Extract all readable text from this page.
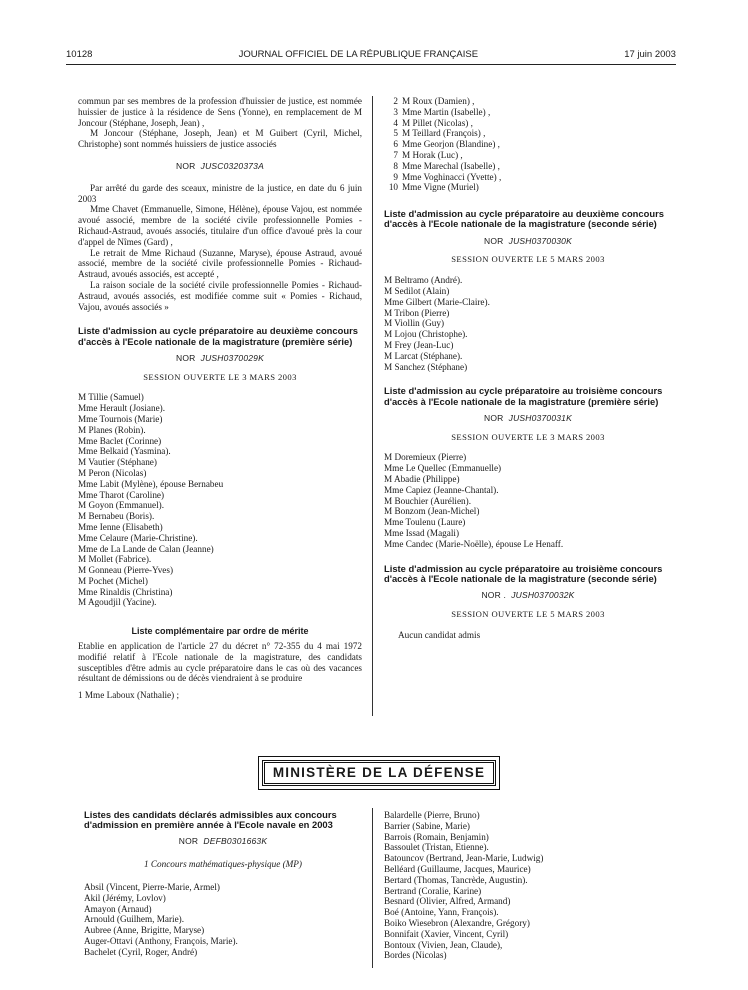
10128	JOURNAL OFFICIEL DE LA RÉPUBLIQUE FRANÇAISE	17 juin 2003

commun par ses membres de la profession d'huissier de justice, est nommée huissier de justice à la résidence de Sens (Yonne), en remplacement de M Joncour (Stéphane, Joseph, Jean) ,

M Joncour (Stéphane, Joseph, Jean) et M Guibert (Cyril, Michel, Christophe) sont nommés huissiers de justice associés

NOR JUSC0320373A

Par arrêté du garde des sceaux, ministre de la justice, en date du 6 juin 2003

Mme Chavet (Emmanuelle, Simone, Hélène), épouse Vajou, est nommée avoué associé, membre de la société civile professionnelle Pomies - Richaud-Astraud, avoués associés, titulaire d'un office d'avoué près la cour d'appel de Nîmes (Gard) ,

Le retrait de Mme Richaud (Suzanne, Maryse), épouse Astraud, avoué associé, membre de la société civile professionnelle Pomies - Richaud-Astraud, avoués associés, est accepté ,

La raison sociale de la société civile professionnelle Pomies - Richaud-Astraud, avoués associés, est modifiée comme suit « Pomies - Richaud, Vajou, avoués associés »

Liste d'admission au cycle préparatoire au deuxième concours d'accès à l'Ecole nationale de la magistrature (première série)
NOR JUSH0370029K
SESSION OUVERTE LE 3 MARS 2003
M Tillie (Samuel)
Mme Herault (Josiane).
Mme Tournois (Marie)
M Planes (Robin).
Mme Baclet (Corinne)
Mme Belkaid (Yasmina).
M Vautier (Stéphane)
M Peron (Nicolas)
Mme Labit (Mylène), épouse Bernabeu
Mme Tharot (Caroline)
M Goyon (Emmanuel).
M Bernabeu (Boris).
Mme Ienne (Elisabeth)
Mme Celaure (Marie-Christine).
Mme de La Lande de Calan (Jeanne)
M Mollet (Fabrice).
M Gonneau (Pierre-Yves)
M Pochet (Michel)
Mme Rinaldis (Christina)
M Agoudjil (Yacine).
Liste complémentaire par ordre de mérite

Etablie en application de l'article 27 du décret n° 72-355 du 4 mai 1972 modifié relatif à l'Ecole nationale de la magistrature, des candidats susceptibles d'être admis au cycle préparatoire dans le cas où des vacances résultant de démissions ou de décès viendraient à se produire

1 Mme Laboux (Nathalie) ;
2 M Roux (Damien) ,
3 Mme Martin (Isabelle) ,
4 M Pillet (Nicolas) ,
5 M Teillard (François) ,
6 Mme Georjon (Blandine) ,
7 M Horak (Luc) ,
8 Mme Marechal (Isabelle) ,
9 Mme Voghinacci (Yvette) ,
10 Mme Vigne (Muriel)
Liste d'admission au cycle préparatoire au deuxième concours d'accès à l'Ecole nationale de la magistrature (seconde série)
NOR JUSH0370030K
SESSION OUVERTE LE 5 MARS 2003
M Beltramo (André).
M Sedilot (Alain)
Mme Gilbert (Marie-Claire).
M Tribon (Pierre)
M Viollin (Guy)
M Lojou (Christophe).
M Frey (Jean-Luc)
M Larcat (Stéphane).
M Sanchez (Stéphane)
Liste d'admission au cycle préparatoire au troisième concours d'accès à l'Ecole nationale de la magistrature (première série)
NOR JUSH0370031K
SESSION OUVERTE LE 3 MARS 2003
M Doremieux (Pierre)
Mme Le Quellec (Emmanuelle)
M Abadie (Philippe)
Mme Capiez (Jeanne-Chantal).
M Bouchier (Aurélien).
M Bonzom (Jean-Michel)
Mme Toulenu (Laure)
Mme Issad (Magali)
Mme Candec (Marie-Noëlle), épouse Le Henaff.
Liste d'admission au cycle préparatoire au troisième concours d'accès à l'Ecole nationale de la magistrature (seconde série)
NOR . JUSH0370032K
SESSION OUVERTE LE 5 MARS 2003
Aucun candidat admis
MINISTÈRE DE LA DÉFENSE
Listes des candidats déclarés admissibles aux concours d'admission en première année à l'Ecole navale en 2003
NOR DEFB0301663K
1 Concours mathématiques-physique (MP)
Absil (Vincent, Pierre-Marie, Armel)
Akil (Jérémy, Lovlov)
Amayon (Arnaud)
Arnould (Guilhem, Marie).
Aubree (Anne, Brigitte, Maryse)
Auger-Ottavi (Anthony, François, Marie).
Bachelet (Cyril, Roger, André)
Balardelle (Pierre, Bruno)
Barrier (Sabine, Marie)
Barrois (Romain, Benjamin)
Bassoulet (Tristan, Etienne).
Batouncov (Bertrand, Jean-Marie, Ludwig)
Belléard (Guillaume, Jacques, Maurice)
Bertard (Thomas, Tancrède, Augustin).
Bertrand (Coralie, Karine)
Besnard (Olivier, Alfred, Armand)
Boé (Antoine, Yann, François).
Boiko Wiesebron (Alexandre, Grégory)
Bonnifait (Xavier, Vincent, Cyril)
Bontoux (Vivien, Jean, Claude),
Bordes (Nicolas)
